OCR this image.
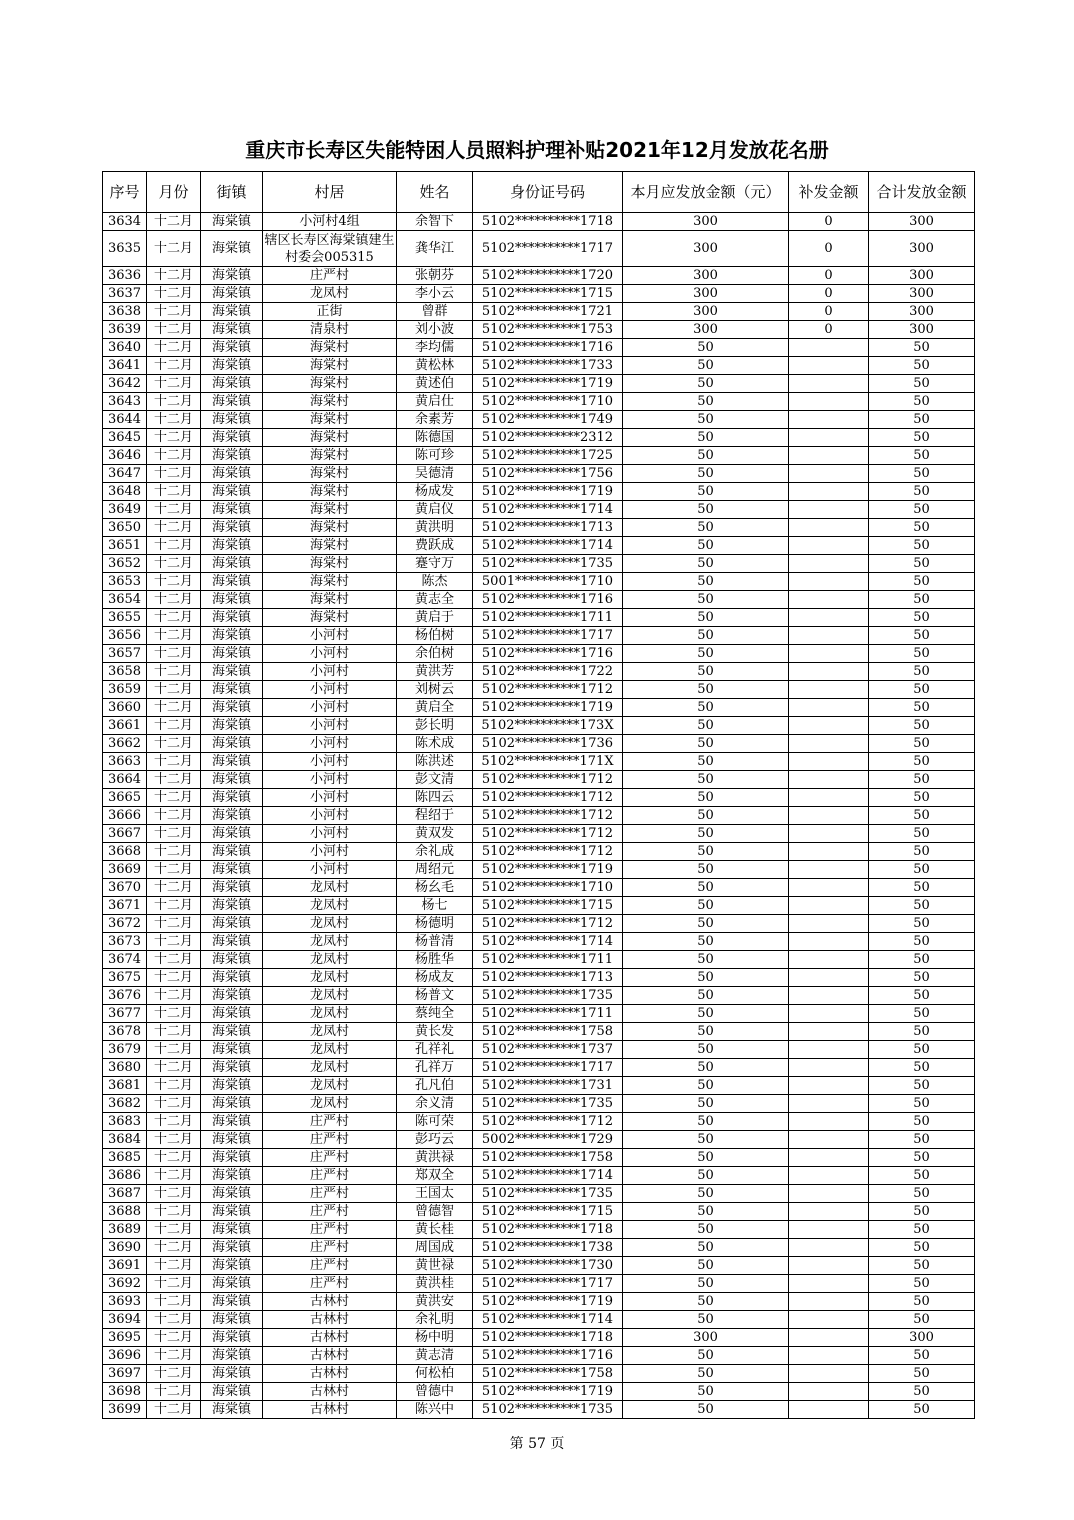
重庆市长寿区失能特困人员照料护理补贴2021年12月发放花名册
序号	月份	街镇	村居	姓名	身份证号码	本月应发放金额（元）	补发金额	合计发放金额
3634	十二月	海棠镇	小河村4组	余智下	5102**********1718	300	0	300
3635	十二月	海棠镇	辖区长寿区海棠镇建生村委会005315	龚华江	5102**********1717	300	0	300
3636	十二月	海棠镇	庄严村	张朝芬	5102**********1720	300	0	300
3637	十二月	海棠镇	龙凤村	李小云	5102**********1715	300	0	300
3638	十二月	海棠镇	正街	曾群	5102**********1721	300	0	300
3639	十二月	海棠镇	清泉村	刘小波	5102**********1753	300	0	300
3640	十二月	海棠镇	海棠村	李均儒	5102**********1716	50		50
3641	十二月	海棠镇	海棠村	黄松林	5102**********1733	50		50
3642	十二月	海棠镇	海棠村	黄述伯	5102**********1719	50		50
3643	十二月	海棠镇	海棠村	黄启仕	5102**********1710	50		50
3644	十二月	海棠镇	海棠村	余素芳	5102**********1749	50		50
3645	十二月	海棠镇	海棠村	陈德国	5102**********2312	50		50
3646	十二月	海棠镇	海棠村	陈可珍	5102**********1725	50		50
3647	十二月	海棠镇	海棠村	吴德清	5102**********1756	50		50
3648	十二月	海棠镇	海棠村	杨成发	5102**********1719	50		50
3649	十二月	海棠镇	海棠村	黄启仪	5102**********1714	50		50
3650	十二月	海棠镇	海棠村	黄洪明	5102**********1713	50		50
3651	十二月	海棠镇	海棠村	费跃成	5102**********1714	50		50
3652	十二月	海棠镇	海棠村	蹇守万	5102**********1735	50		50
3653	十二月	海棠镇	海棠村	陈杰	5001**********1710	50		50
3654	十二月	海棠镇	海棠村	黄志全	5102**********1716	50		50
3655	十二月	海棠镇	海棠村	黄启于	5102**********1711	50		50
3656	十二月	海棠镇	小河村	杨伯树	5102**********1717	50		50
3657	十二月	海棠镇	小河村	余伯树	5102**********1716	50		50
3658	十二月	海棠镇	小河村	黄洪芳	5102**********1722	50		50
3659	十二月	海棠镇	小河村	刘树云	5102**********1712	50		50
3660	十二月	海棠镇	小河村	黄启全	5102**********1719	50		50
3661	十二月	海棠镇	小河村	彭长明	5102**********173X	50		50
3662	十二月	海棠镇	小河村	陈术成	5102**********1736	50		50
3663	十二月	海棠镇	小河村	陈洪述	5102**********171X	50		50
3664	十二月	海棠镇	小河村	彭文清	5102**********1712	50		50
3665	十二月	海棠镇	小河村	陈四云	5102**********1712	50		50
3666	十二月	海棠镇	小河村	程绍于	5102**********1712	50		50
3667	十二月	海棠镇	小河村	黄双发	5102**********1712	50		50
3668	十二月	海棠镇	小河村	余礼成	5102**********1712	50		50
3669	十二月	海棠镇	小河村	周绍元	5102**********1719	50		50
3670	十二月	海棠镇	龙凤村	杨幺毛	5102**********1710	50		50
3671	十二月	海棠镇	龙凤村	杨七	5102**********1715	50		50
3672	十二月	海棠镇	龙凤村	杨德明	5102**********1712	50		50
3673	十二月	海棠镇	龙凤村	杨普清	5102**********1714	50		50
3674	十二月	海棠镇	龙凤村	杨胜华	5102**********1711	50		50
3675	十二月	海棠镇	龙凤村	杨成友	5102**********1713	50		50
3676	十二月	海棠镇	龙凤村	杨普文	5102**********1735	50		50
3677	十二月	海棠镇	龙凤村	蔡纯全	5102**********1711	50		50
3678	十二月	海棠镇	龙凤村	黄长发	5102**********1758	50		50
3679	十二月	海棠镇	龙凤村	孔祥礼	5102**********1737	50		50
3680	十二月	海棠镇	龙凤村	孔祥万	5102**********1717	50		50
3681	十二月	海棠镇	龙凤村	孔凡伯	5102**********1731	50		50
3682	十二月	海棠镇	龙凤村	余义清	5102**********1735	50		50
3683	十二月	海棠镇	庄严村	陈可荣	5102**********1712	50		50
3684	十二月	海棠镇	庄严村	彭巧云	5002**********1729	50		50
3685	十二月	海棠镇	庄严村	黄洪禄	5102**********1758	50		50
3686	十二月	海棠镇	庄严村	郑双全	5102**********1714	50		50
3687	十二月	海棠镇	庄严村	王国太	5102**********1735	50		50
3688	十二月	海棠镇	庄严村	曾德智	5102**********1715	50		50
3689	十二月	海棠镇	庄严村	黄长桂	5102**********1718	50		50
3690	十二月	海棠镇	庄严村	周国成	5102**********1738	50		50
3691	十二月	海棠镇	庄严村	黄世禄	5102**********1730	50		50
3692	十二月	海棠镇	庄严村	黄洪桂	5102**********1717	50		50
3693	十二月	海棠镇	古林村	黄洪安	5102**********1719	50		50
3694	十二月	海棠镇	古林村	余礼明	5102**********1714	50		50
3695	十二月	海棠镇	古林村	杨中明	5102**********1718	300		300
3696	十二月	海棠镇	古林村	黄志清	5102**********1716	50		50
3697	十二月	海棠镇	古林村	何松柏	5102**********1758	50		50
3698	十二月	海棠镇	古林村	曾德中	5102**********1719	50		50
3699	十二月	海棠镇	古林村	陈兴中	5102**********1735	50		50
第 57 页
